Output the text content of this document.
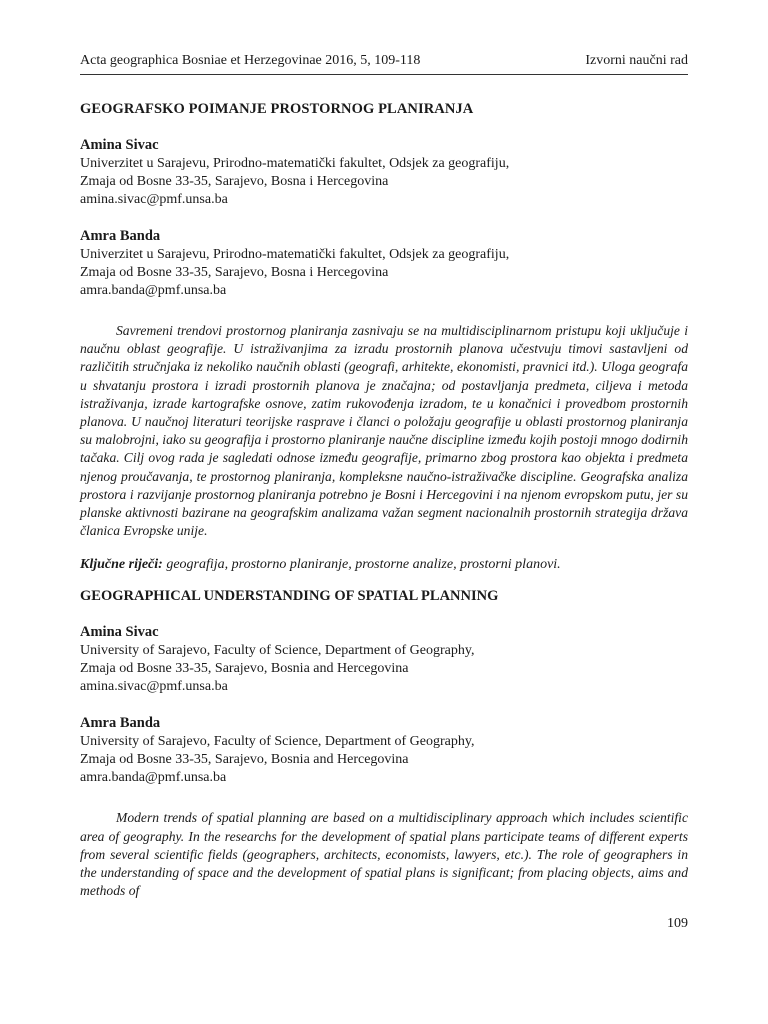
Acta geographica Bosniae et Herzegovinae 2016, 5, 109-118	Izvorni naučni rad
GEOGRAFSKO POIMANJE PROSTORNOG PLANIRANJA
Amina Sivac
Univerzitet u Sarajevu, Prirodno-matematički fakultet, Odsjek za geografiju,
Zmaja od Bosne 33-35, Sarajevo, Bosna i Hercegovina
amina.sivac@pmf.unsa.ba
Amra Banda
Univerzitet u Sarajevu, Prirodno-matematički fakultet, Odsjek za geografiju,
Zmaja od Bosne 33-35, Sarajevo, Bosna i Hercegovina
amra.banda@pmf.unsa.ba
Savremeni trendovi prostornog planiranja zasnivaju se na multidisciplinarnom pristupu koji uključuje i naučnu oblast geografije. U istraživanjima za izradu prostornih planova učestvuju timovi sastavljeni od različitih stručnjaka iz nekoliko naučnih oblasti (geografi, arhitekte, ekonomisti, pravnici itd.). Uloga geografa u shvatanju prostora i izradi prostornih planova je značajna; od postavljanja predmeta, ciljeva i metoda istraživanja, izrade kartografske osnove, zatim rukovođenja izradom, te u konačnici i provedbom prostornih planova. U naučnoj literaturi teorijske rasprave i članci o položaju geografije u oblasti prostornog planiranja su malobrojni, iako su geografija i prostorno planiranje naučne discipline između kojih postoji mnogo dodirnih tačaka. Cilj ovog rada je sagledati odnose između geografije, primarno zbog prostora kao objekta i predmeta njenog proučavanja, te prostornog planiranja, kompleksne naučno-istraživačke discipline. Geografska analiza prostora i razvijanje prostornog planiranja potrebno je Bosni i Hercegovini i na njenom evropskom putu, jer su planske aktivnosti bazirane na geografskim analizama važan segment nacionalnih prostornih strategija država članica Evropske unije.
Ključne riječi: geografija, prostorno planiranje, prostorne analize, prostorni planovi.
GEOGRAPHICAL UNDERSTANDING OF SPATIAL PLANNING
Amina Sivac
University of Sarajevo, Faculty of Science, Department of Geography,
Zmaja od Bosne 33-35, Sarajevo, Bosnia and Hercegovina
amina.sivac@pmf.unsa.ba
Amra Banda
University of Sarajevo, Faculty of Science, Department of Geography,
Zmaja od Bosne 33-35, Sarajevo, Bosnia and Hercegovina
amra.banda@pmf.unsa.ba
Modern trends of spatial planning are based on a multidisciplinary approach which includes scientific area of geography. In the researchs for the development of spatial plans participate teams of different experts from several scientific fields (geographers, architects, economists, lawyers, etc.). The role of geographers in the understanding of space and the development of spatial plans is significant; from placing objects, aims and methods of
109
